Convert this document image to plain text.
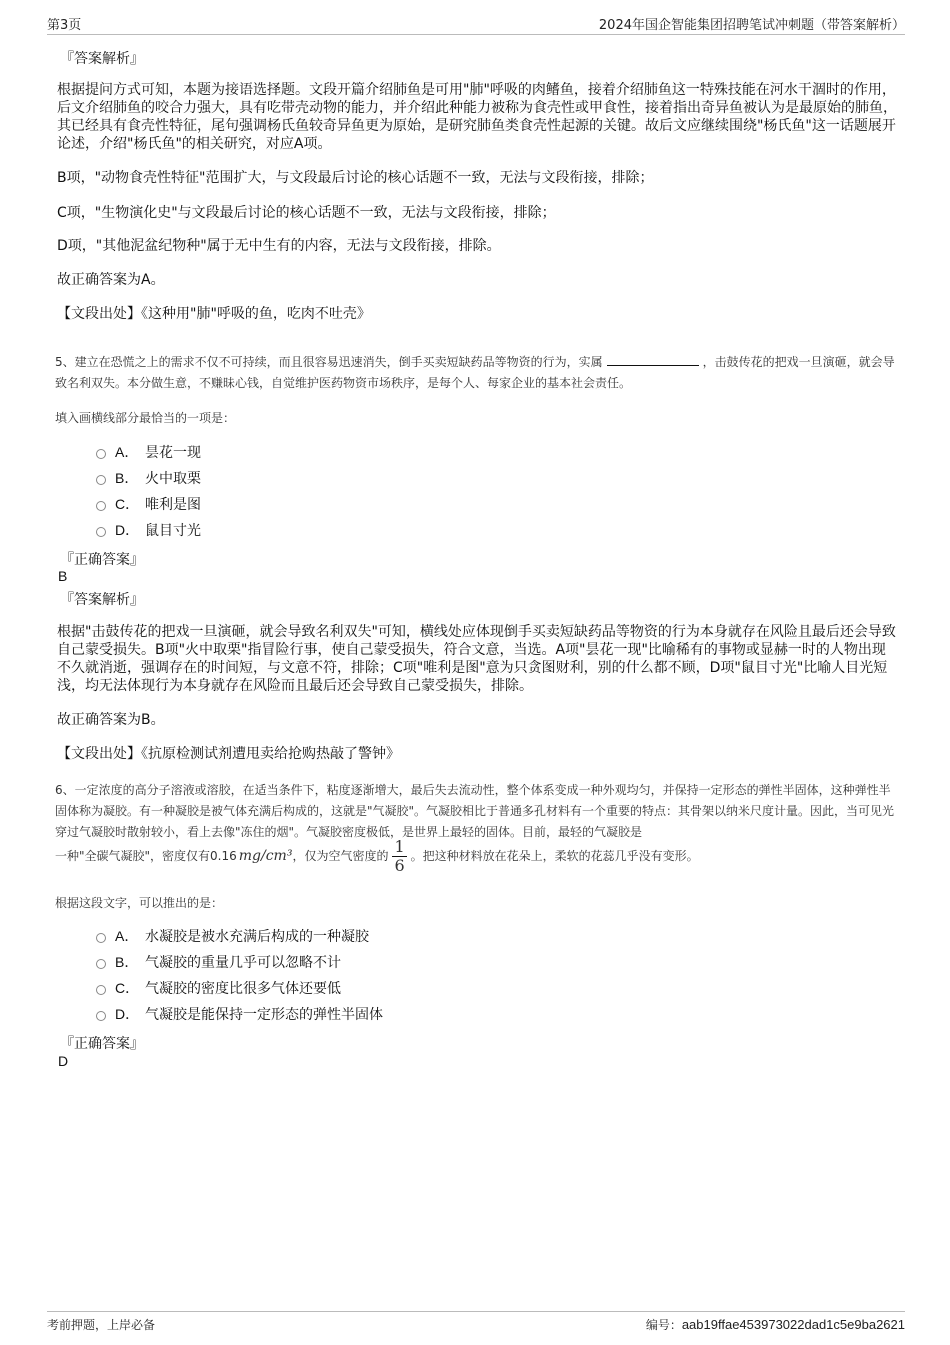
第3页	2024年国企智能集团招聘笔试冲刺题（带答案解析）
『答案解析』
根据提问方式可知，本题为接语选择题。文段开篇介绍肺鱼是可用"肺"呼吸的肉鳍鱼，接着介绍肺鱼这一特殊技能在河水干涸时的作用，后文介绍肺鱼的咬合力强大，具有吃带壳动物的能力，并介绍此种能力被称为食壳性或甲食性，接着指出奇异鱼被认为是最原始的肺鱼，其已经具有食壳性特征，尾句强调杨氏鱼较奇异鱼更为原始，是研究肺鱼类食壳性起源的关键。故后文应继续围绕"杨氏鱼"这一话题展开论述，介绍"杨氏鱼"的相关研究，对应A项。
B项，"动物食壳性特征"范围扩大，与文段最后讨论的核心话题不一致，无法与文段衔接，排除；
C项，"生物演化史"与文段最后讨论的核心话题不一致，无法与文段衔接，排除；
D项，"其他泥盆纪物种"属于无中生有的内容，无法与文段衔接，排除。
故正确答案为A。
【文段出处】《这种用"肺"呼吸的鱼，吃肉不吐壳》
5、建立在恐慌之上的需求不仅不可持续，而且很容易迅速消失，倒手买卖短缺药品等物资的行为，实属	，击鼓传花的把戏一旦演砸，就会导致名利双失。本分做生意，不赚昧心钱，自觉维护医药物资市场秩序，是每个人、每家企业的基本社会责任。
填入画横线部分最恰当的一项是：
A． 昙花一现
B． 火中取栗
C． 唯利是图
D． 鼠目寸光
『正确答案』
B
『答案解析』
根据"击鼓传花的把戏一旦演砸，就会导致名利双失"可知，横线处应体现倒手买卖短缺药品等物资的行为本身就存在风险且最后还会导致自己蒙受损失。B项"火中取栗"指冒险行事，使自己蒙受损失，符合文意，当选。A项"昙花一现"比喻稀有的事物或显赫一时的人物出现不久就消逝，强调存在的时间短，与文意不符，排除；C项"唯利是图"意为只贪图财利，别的什么都不顾，D项"鼠目寸光"比喻人目光短浅，均无法体现行为本身就存在风险而且最后还会导致自己蒙受损失，排除。
故正确答案为B。
【文段出处】《抗原检测试剂遭甩卖给抢购热敲了警钟》
6、一定浓度的高分子溶液或溶胶，在适当条件下，粘度逐渐增大，最后失去流动性，整个体系变成一种外观均匀，并保持一定形态的弹性半固体，这种弹性半固体称为凝胶。有一种凝胶是被气体充满后构成的，这就是"气凝胶"。气凝胶相比于普通多孔材料有一个重要的特点：其骨架以纳米尺度计量。因此，当可见光穿过气凝胶时散射较小，看上去像"冻住的烟"。气凝胶密度极低，是世界上最轻的固体。目前，最轻的气凝胶是
一种"全碳气凝胶"，密度仅有0.16 mg/cm³，仅为空气密度的 $\frac{1}{6}$ 。把这种材料放在花朵上，柔软的花蕊几乎没有变形。
根据这段文字，可以推出的是：
A． 水凝胶是被水充满后构成的一种凝胶
B． 气凝胶的重量几乎可以忽略不计
C． 气凝胶的密度比很多气体还要低
D． 气凝胶是能保持一定形态的弹性半固体
『正确答案』
D
考前押题，上岸必备	编号：aab19ffae453973022dad1c5e9ba2621
